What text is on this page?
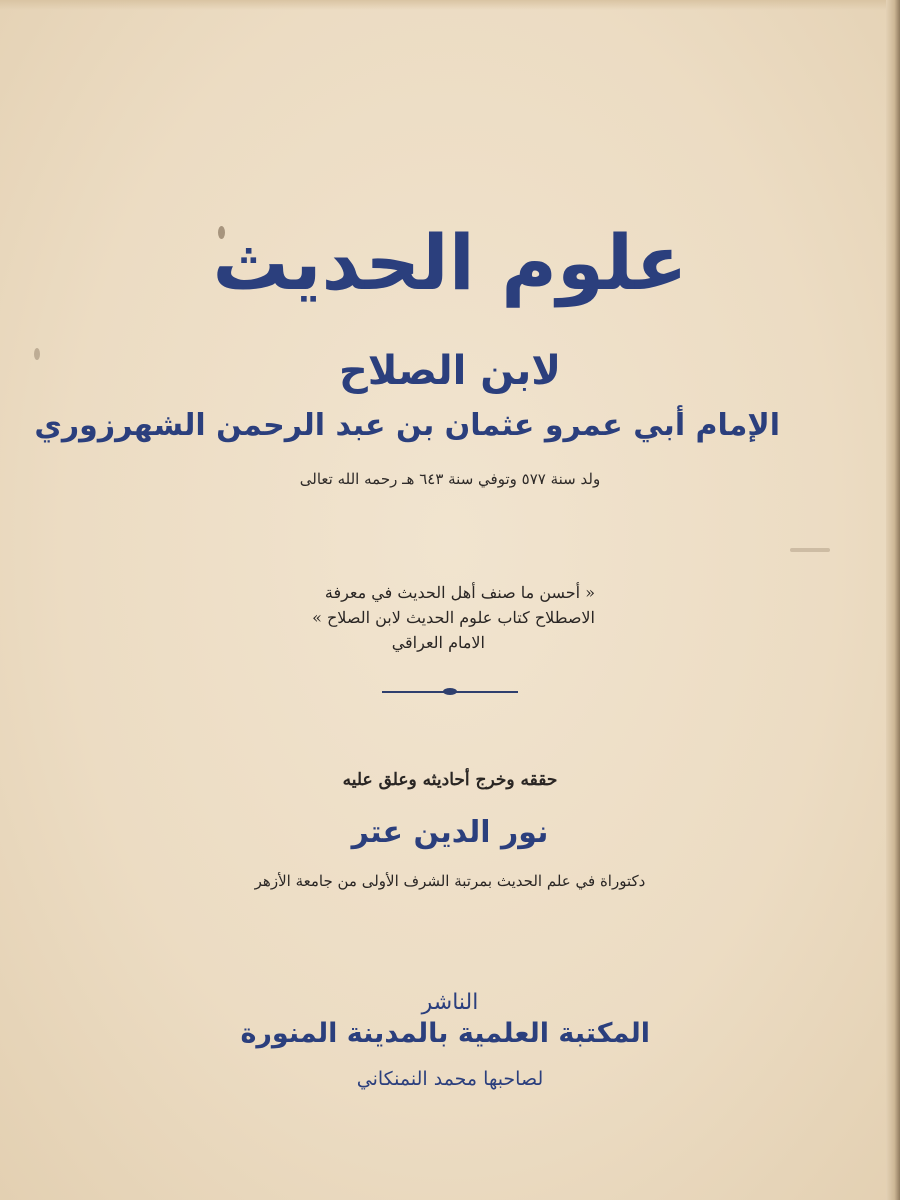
علوم الحديث
لابن الصلاح
الإمام أبي عمرو عثمان بن عبد الرحمن الشهرزوري
ولد سنة ٥٧٧ وتوفي سنة ٦٤٣ هـ رحمه الله تعالى
« أحسن ما صنف أهل الحديث في معرفة
الاصطلاح كتاب علوم الحديث لابن الصلاح »
الامام العراقي
حققه وخرج أحاديثه وعلق عليه
نور الدين عتر
دكتوراة في علم الحديث بمرتبة الشرف الأولى من جامعة الأزهر
الناشر
المكتبة العلمية بالمدينة المنورة
لصاحبها محمد النمنكاني
